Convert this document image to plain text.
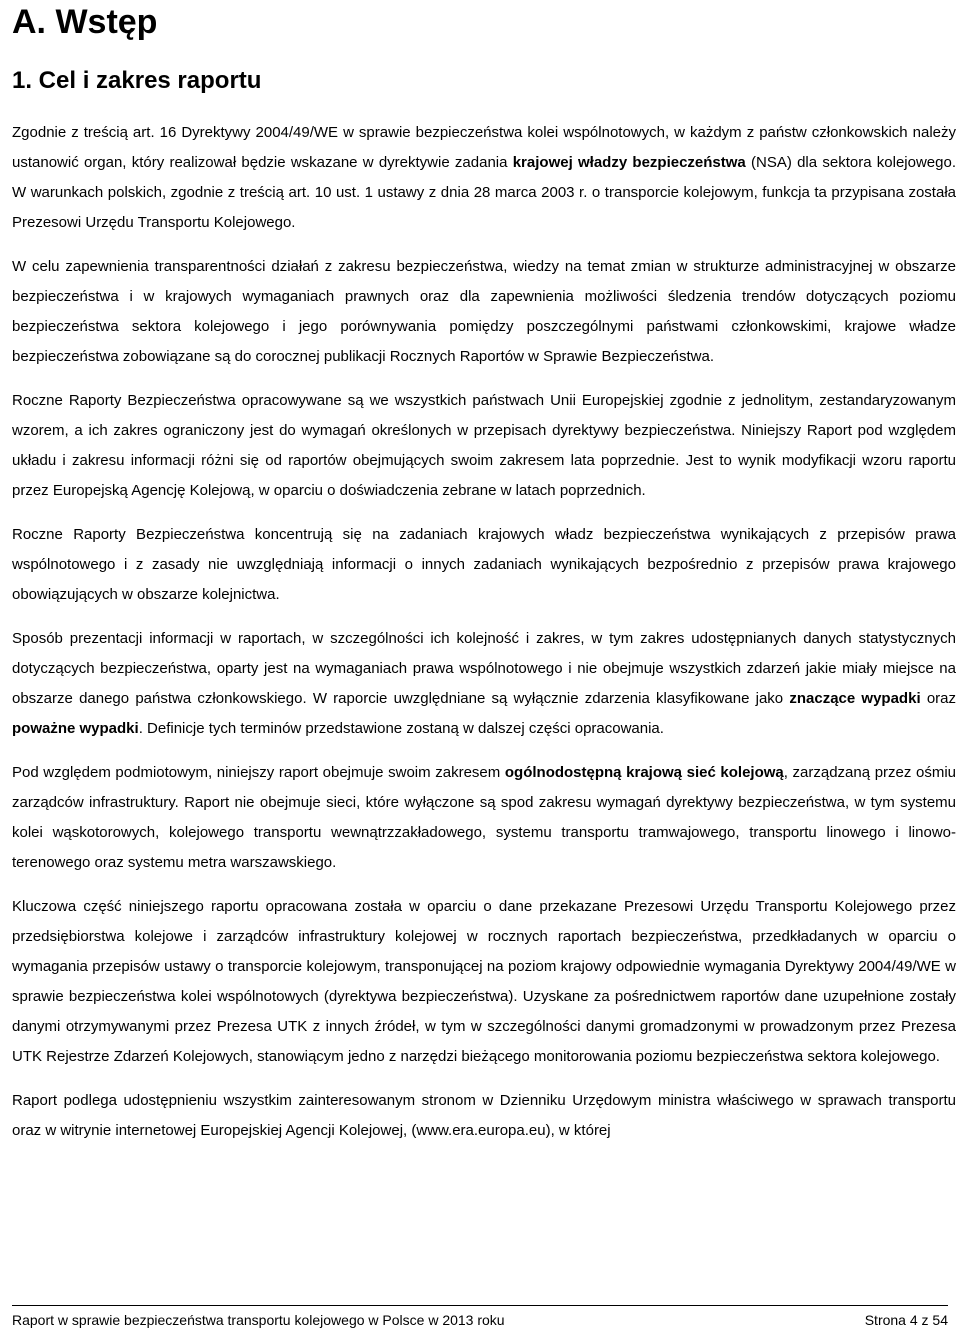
A. Wstęp
1. Cel i zakres raportu

Zgodnie z treścią art. 16 Dyrektywy 2004/49/WE w sprawie bezpieczeństwa kolei wspólnotowych, w każdym z państw członkowskich należy ustanowić organ, który realizował będzie wskazane w dyrektywie zadania krajowej władzy bezpieczeństwa (NSA) dla sektora kolejowego. W warunkach polskich, zgodnie z treścią art. 10 ust. 1 ustawy z dnia 28 marca 2003 r. o transporcie kolejowym, funkcja ta przypisana została Prezesowi Urzędu Transportu Kolejowego.

W celu zapewnienia transparentności działań z zakresu bezpieczeństwa, wiedzy na temat zmian w strukturze administracyjnej w obszarze bezpieczeństwa i w krajowych wymaganiach prawnych oraz dla zapewnienia możliwości śledzenia trendów dotyczących poziomu bezpieczeństwa sektora kolejowego i jego porównywania pomiędzy poszczególnymi państwami członkowskimi, krajowe władze bezpieczeństwa zobowiązane są do corocznej publikacji Rocznych Raportów w Sprawie Bezpieczeństwa.

Roczne Raporty Bezpieczeństwa opracowywane są we wszystkich państwach Unii Europejskiej zgodnie z jednolitym, zestandaryzowanym wzorem, a ich zakres ograniczony jest do wymagań określonych w przepisach dyrektywy bezpieczeństwa. Niniejszy Raport pod względem układu i zakresu informacji różni się od raportów obejmujących swoim zakresem lata poprzednie. Jest to wynik modyfikacji wzoru raportu przez Europejską Agencję Kolejową, w oparciu o doświadczenia zebrane w latach poprzednich.

Roczne Raporty Bezpieczeństwa koncentrują się na zadaniach krajowych władz bezpieczeństwa wynikających z przepisów prawa wspólnotowego i z zasady nie uwzględniają informacji o innych zadaniach wynikających bezpośrednio z przepisów prawa krajowego obowiązujących w obszarze kolejnictwa.

Sposób prezentacji informacji w raportach, w szczególności ich kolejność i zakres, w tym zakres udostępnianych danych statystycznych dotyczących bezpieczeństwa, oparty jest na wymaganiach prawa wspólnotowego i nie obejmuje wszystkich zdarzeń jakie miały miejsce na obszarze danego państwa członkowskiego. W raporcie uwzględniane są wyłącznie zdarzenia klasyfikowane jako znaczące wypadki oraz poważne wypadki. Definicje tych terminów przedstawione zostaną w dalszej części opracowania.

Pod względem podmiotowym, niniejszy raport obejmuje swoim zakresem ogólnodostępną krajową sieć kolejową, zarządzaną przez ośmiu zarządców infrastruktury. Raport nie obejmuje sieci, które wyłączone są spod zakresu wymagań dyrektywy bezpieczeństwa, w tym systemu kolei wąskotorowych, kolejowego transportu wewnątrzzakładowego, systemu transportu tramwajowego, transportu linowego i linowo-terenowego oraz systemu metra warszawskiego.

Kluczowa część niniejszego raportu opracowana została w oparciu o dane przekazane Prezesowi Urzędu Transportu Kolejowego przez przedsiębiorstwa kolejowe i zarządców infrastruktury kolejowej w rocznych raportach bezpieczeństwa, przedkładanych w oparciu o wymagania przepisów ustawy o transporcie kolejowym, transponującej na poziom krajowy odpowiednie wymagania Dyrektywy 2004/49/WE w sprawie bezpieczeństwa kolei wspólnotowych (dyrektywa bezpieczeństwa). Uzyskane za pośrednictwem raportów dane uzupełnione zostały danymi otrzymywanymi przez Prezesa UTK z innych źródeł, w tym w szczególności danymi gromadzonymi w prowadzonym przez Prezesa UTK Rejestrze Zdarzeń Kolejowych, stanowiącym jedno z narzędzi bieżącego monitorowania poziomu bezpieczeństwa sektora kolejowego.

Raport podlega udostępnieniu wszystkim zainteresowanym stronom w Dzienniku Urzędowym ministra właściwego w sprawach transportu oraz w witrynie internetowej Europejskiej Agencji Kolejowej, (www.era.europa.eu), w której

Raport w sprawie bezpieczeństwa transportu kolejowego w Polsce w 2013 roku	Strona 4 z 54
